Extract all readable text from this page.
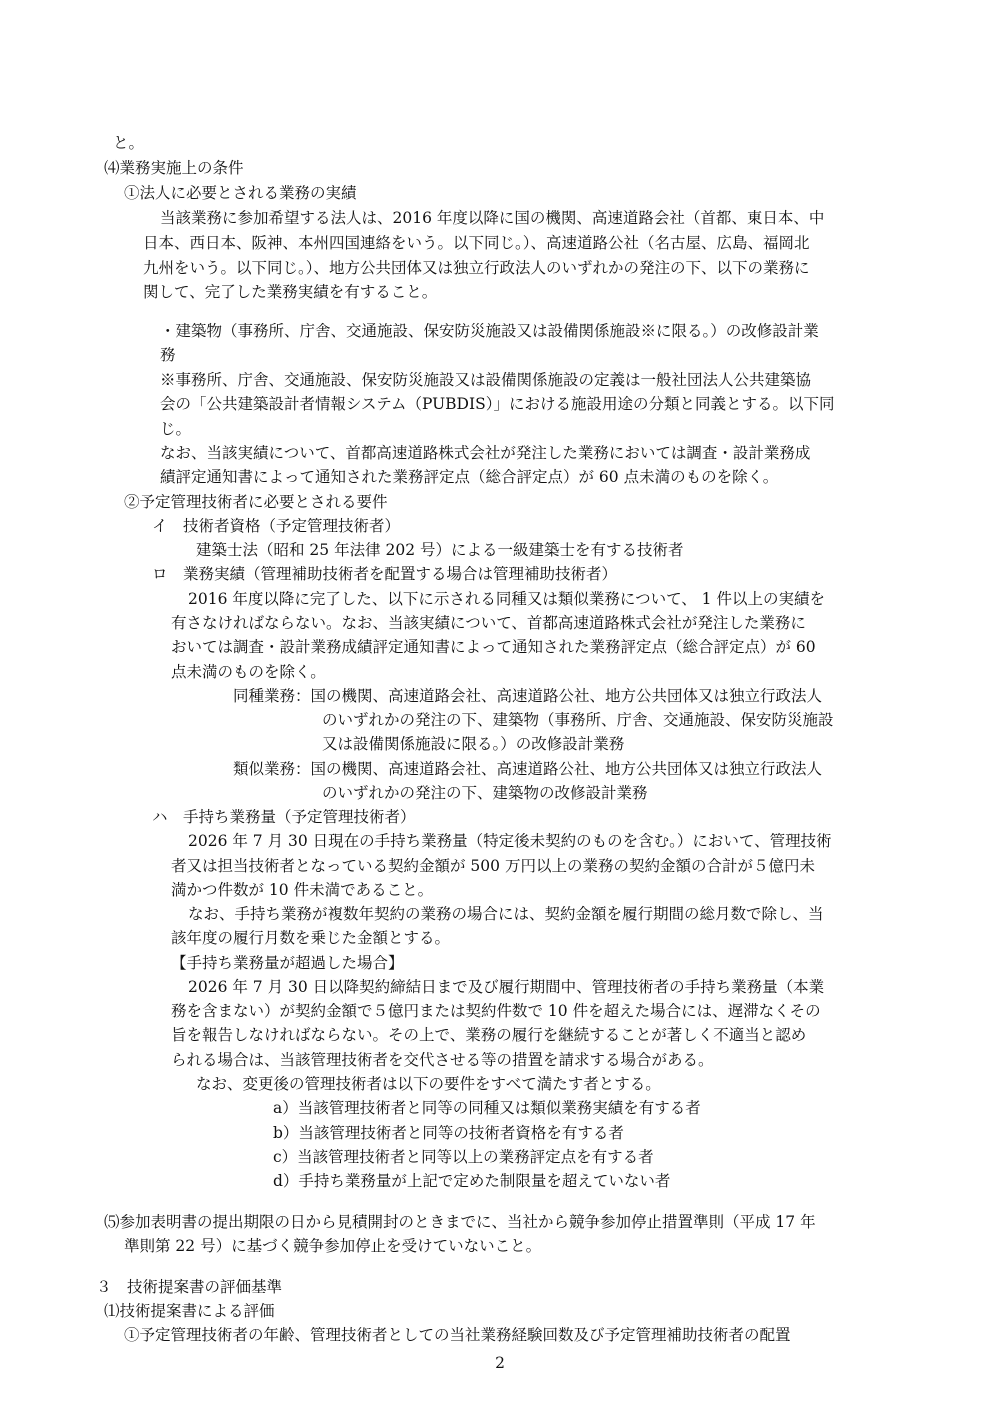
と。
⑷業務実施上の条件
①法人に必要とされる業務の実績
当該業務に参加希望する法人は、2016 年度以降に国の機関、高速道路会社（首都、東日本、中
日本、西日本、阪神、本州四国連絡をいう。以下同じ。）、高速道路公社（名古屋、広島、福岡北
九州をいう。以下同じ。）、地方公共団体又は独立行政法人のいずれかの発注の下、以下の業務に
関して、完了した業務実績を有すること。
・建築物（事務所、庁舎、交通施設、保安防災施設又は設備関係施設※に限る。）の改修設計業
務
※事務所、庁舎、交通施設、保安防災施設又は設備関係施設の定義は一般社団法人公共建築協
会の「公共建築設計者情報システム（PUBDIS）」における施設用途の分類と同義とする。以下同
じ。
なお、当該実績について、首都高速道路株式会社が発注した業務においては調査・設計業務成
績評定通知書によって通知された業務評定点（総合評定点）が 60 点未満のものを除く。
②予定管理技術者に必要とされる要件
イ　技術者資格（予定管理技術者）
建築士法（昭和 25 年法律 202 号）による一級建築士を有する技術者
ロ　業務実績（管理補助技術者を配置する場合は管理補助技術者）
2016 年度以降に完了した、以下に示される同種又は類似業務について、 1 件以上の実績を
有さなければならない。なお、当該実績について、首都高速道路株式会社が発注した業務に
おいては調査・設計業務成績評定通知書によって通知された業務評定点（総合評定点）が 60
点未満のものを除く。
同種業務：国の機関、高速道路会社、高速道路公社、地方公共団体又は独立行政法人
のいずれかの発注の下、建築物（事務所、庁舎、交通施設、保安防災施設
又は設備関係施設に限る。）の改修設計業務
類似業務：国の機関、高速道路会社、高速道路公社、地方公共団体又は独立行政法人
のいずれかの発注の下、建築物の改修設計業務
ハ　手持ち業務量（予定管理技術者）
2026 年 7 月 30 日現在の手持ち業務量（特定後未契約のものを含む。）において、管理技術
者又は担当技術者となっている契約金額が 500 万円以上の業務の契約金額の合計が５億円未
満かつ件数が 10 件未満であること。
なお、手持ち業務が複数年契約の業務の場合には、契約金額を履行期間の総月数で除し、当
該年度の履行月数を乗じた金額とする。
【手持ち業務量が超過した場合】
2026 年 7 月 30 日以降契約締結日まで及び履行期間中、管理技術者の手持ち業務量（本業
務を含まない）が契約金額で５億円または契約件数で 10 件を超えた場合には、遅滞なくその
旨を報告しなければならない。その上で、業務の履行を継続することが著しく不適当と認め
られる場合は、当該管理技術者を交代させる等の措置を請求する場合がある。
なお、変更後の管理技術者は以下の要件をすべて満たす者とする。
a）当該管理技術者と同等の同種又は類似業務実績を有する者
b）当該管理技術者と同等の技術者資格を有する者
c）当該管理技術者と同等以上の業務評定点を有する者
d）手持ち業務量が上記で定めた制限量を超えていない者
⑸参加表明書の提出期限の日から見積開封のときまでに、当社から競争参加停止措置準則（平成 17 年
準則第 22 号）に基づく競争参加停止を受けていないこと。
３　技術提案書の評価基準
⑴技術提案書による評価
①予定管理技術者の年齢、管理技術者としての当社業務経験回数及び予定管理補助技術者の配置
2
